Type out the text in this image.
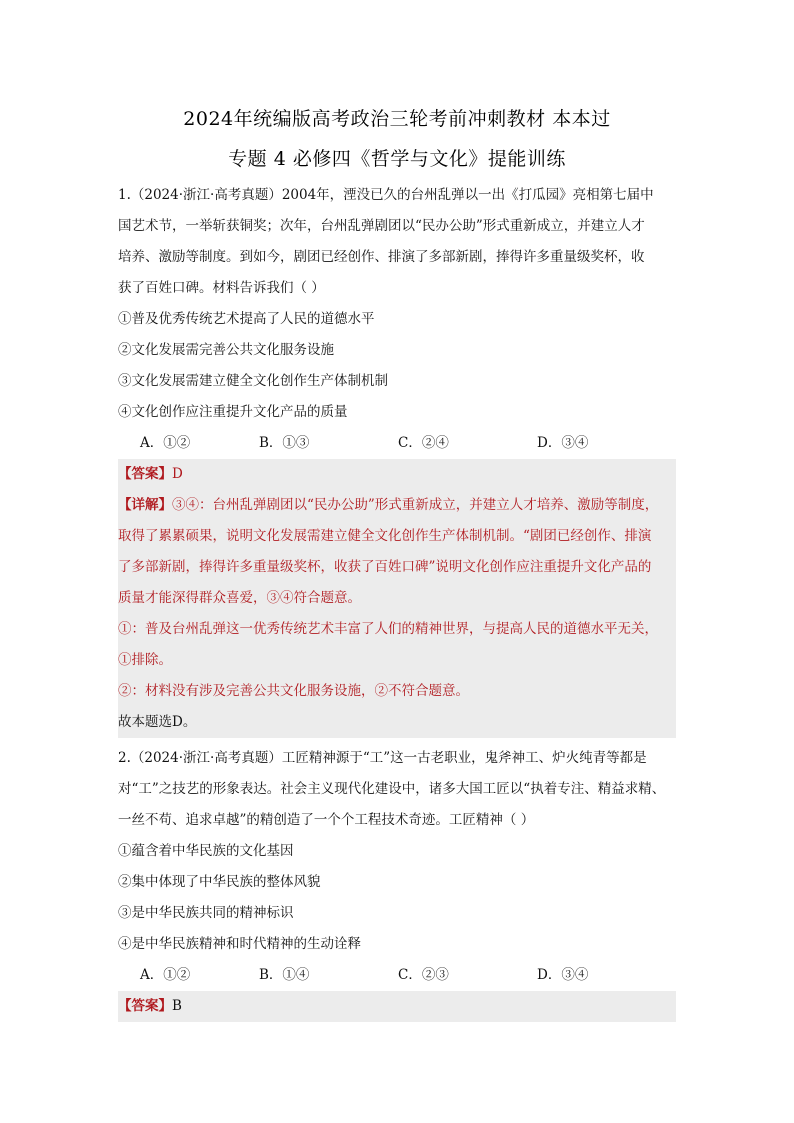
2024年统编版高考政治三轮考前冲刺教材 本本过
专题 4 必修四《哲学与文化》提能训练
1.（2024·浙江·高考真题）2004年，湮没已久的台州乱弹以一出《打瓜园》亮相第七届中
国艺术节，一举斩获铜奖；次年，台州乱弹剧团以“民办公助”形式重新成立，并建立人才
培养、激励等制度。到如今，剧团已经创作、排演了多部新剧，捧得许多重量级奖杯，收
获了百姓口碑。材料告诉我们（ ）
①普及优秀传统艺术提高了人民的道德水平
②文化发展需完善公共文化服务设施
③文化发展需建立健全文化创作生产体制机制
④文化创作应注重提升文化产品的质量
A．①②	B．①③	C．②④	D．③④
【答案】D
【详解】③④：台州乱弹剧团以“民办公助”形式重新成立，并建立人才培养、激励等制度，
取得了累累硕果，说明文化发展需建立健全文化创作生产体制机制。“剧团已经创作、排演
了多部新剧，捧得许多重量级奖杯，收获了百姓口碑”说明文化创作应注重提升文化产品的
质量才能深得群众喜爱，③④符合题意。
①：普及台州乱弹这一优秀传统艺术丰富了人们的精神世界，与提高人民的道德水平无关，
①排除。
②：材料没有涉及完善公共文化服务设施，②不符合题意。
故本题选D。
2.（2024·浙江·高考真题）工匠精神源于“工”这一古老职业，鬼斧神工、炉火纯青等都是
对“工”之技艺的形象表达。社会主义现代化建设中，诸多大国工匠以“执着专注、精益求精、
一丝不苟、追求卓越”的精创造了一个个工程技术奇迹。工匠精神（ ）
①蕴含着中华民族的文化基因
②集中体现了中华民族的整体风貌
③是中华民族共同的精神标识
④是中华民族精神和时代精神的生动诠释
A．①②	B．①④	C．②③	D．③④
【答案】B
